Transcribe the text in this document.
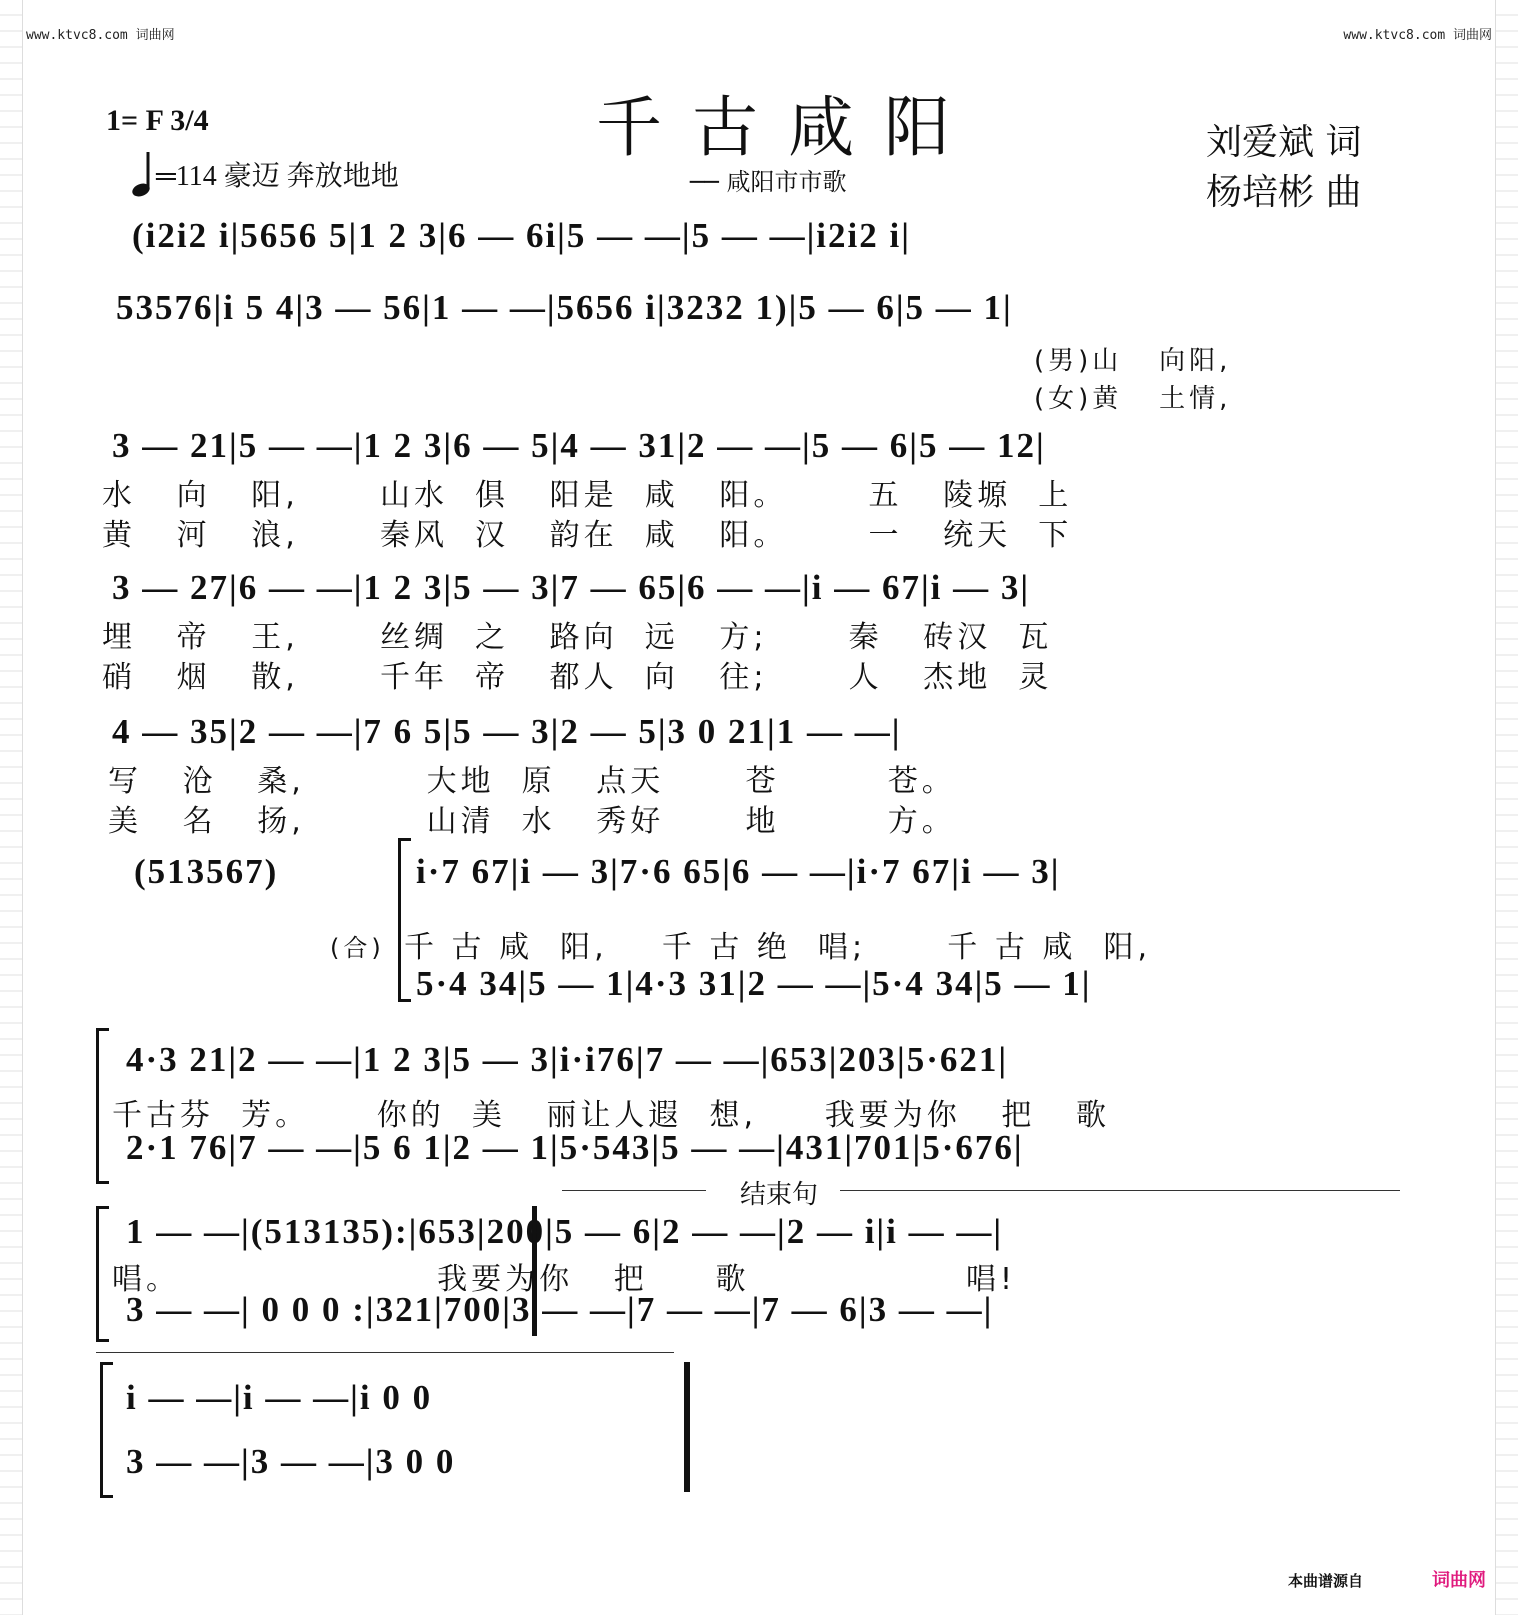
www.ktvc8.com 词曲网	www.ktvc8.com 词曲网
1= F 3/4
═114 豪迈 奔放地地
千古咸阳
── 咸阳市市歌
刘爱斌 词
杨培彬 曲
(i2i2 i|5656 5|1 2 3|6 — 6i|5 — —|5 — —|i2i2 i|
53576|i 5 4|3 — 56|1 — —|5656 i|3232 1)|5 — 6|5 — 1|
(男)山   向阳,
(女)黄   土情,
3 — 21|5 — —|1 2 3|6 — 5|4 — 31|2 — —|5 — 6|5 — 12|
水   向   阳,      山水  俱   阳是  咸   阳。      五   陵塬  上
黄   河   浪,      秦风  汉   韵在  咸   阳。      一   统天  下
3 — 27|6 — —|1 2 3|5 — 3|7 — 65|6 — —|i — 67|i — 3|
埋   帝   王,      丝绸  之   路向  远   方;      秦   砖汉  瓦
硝   烟   散,      千年  帝   都人  向   往;      人   杰地  灵
4 — 35|2 — —|7 6 5|5 — 3|2 — 5|3 0 21|1 — —|
写   沧   桑,         大地  原   点天      苍        苍。
美   名   扬,         山清  水   秀好      地        方。
(513567)	i·7 67|i — 3|7·6 65|6 — —|i·7 67|i — 3|
(合) 千 古 咸  阳,    千 古 绝  唱;      千 古 咸  阳,
5·4 34|5 — 1|4·3 31|2 — —|5·4 34|5 — 1|
4·3 21|2 — —|1 2 3|5 — 3|i·i76|7 — —|653|203|5·621|
千古芬  芳。     你的  美   丽让人遐  想,     我要为你   把   歌
2·1 76|7 — —|5 6 1|2 — 1|5·543|5 — —|431|701|5·676|
结束句
1 — —|(513135):|653|200|5 — 6|2 — —|2 — i|i — —|
唱。                   我要为你   把     歌                唱!
3 — —| 0 0 0 :|321|700|3 — —|7 — —|7 — 6|3 — —|
i — —|i — —|i 0 0
3 — —|3 — —|3 0 0
本曲谱源自	词曲网
